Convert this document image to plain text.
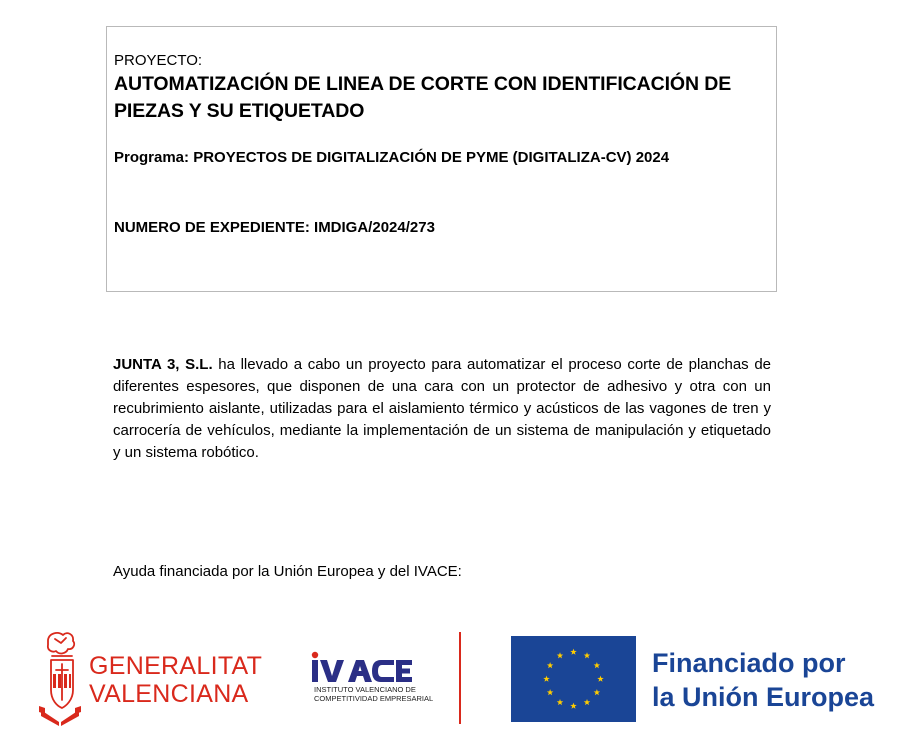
PROYECTO:

AUTOMATIZACIÓN DE LINEA DE CORTE CON IDENTIFICACIÓN DE PIEZAS Y SU ETIQUETADO

Programa: PROYECTOS DE DIGITALIZACIÓN DE PYME (DIGITALIZA-CV) 2024

NUMERO DE EXPEDIENTE: IMDIGA/2024/273

JUNTA 3, S.L. ha llevado a cabo un proyecto para automatizar el proceso corte de planchas de diferentes espesores, que disponen de una cara con un protector de adhesivo y otra con un recubrimiento aislante, utilizadas para el aislamiento térmico y acústicos de las vagones de tren y carrocería de vehículos, mediante la implementación de un sistema de manipulación y etiquetado y un sistema robótico.

Ayuda financiada por la Unión Europea y del IVACE:

GENERALITAT
VALENCIANA	INSTITUTO VALENCIANO DE
COMPETITIVIDAD EMPRESARIAL
Financiado por
la Unión Europea
